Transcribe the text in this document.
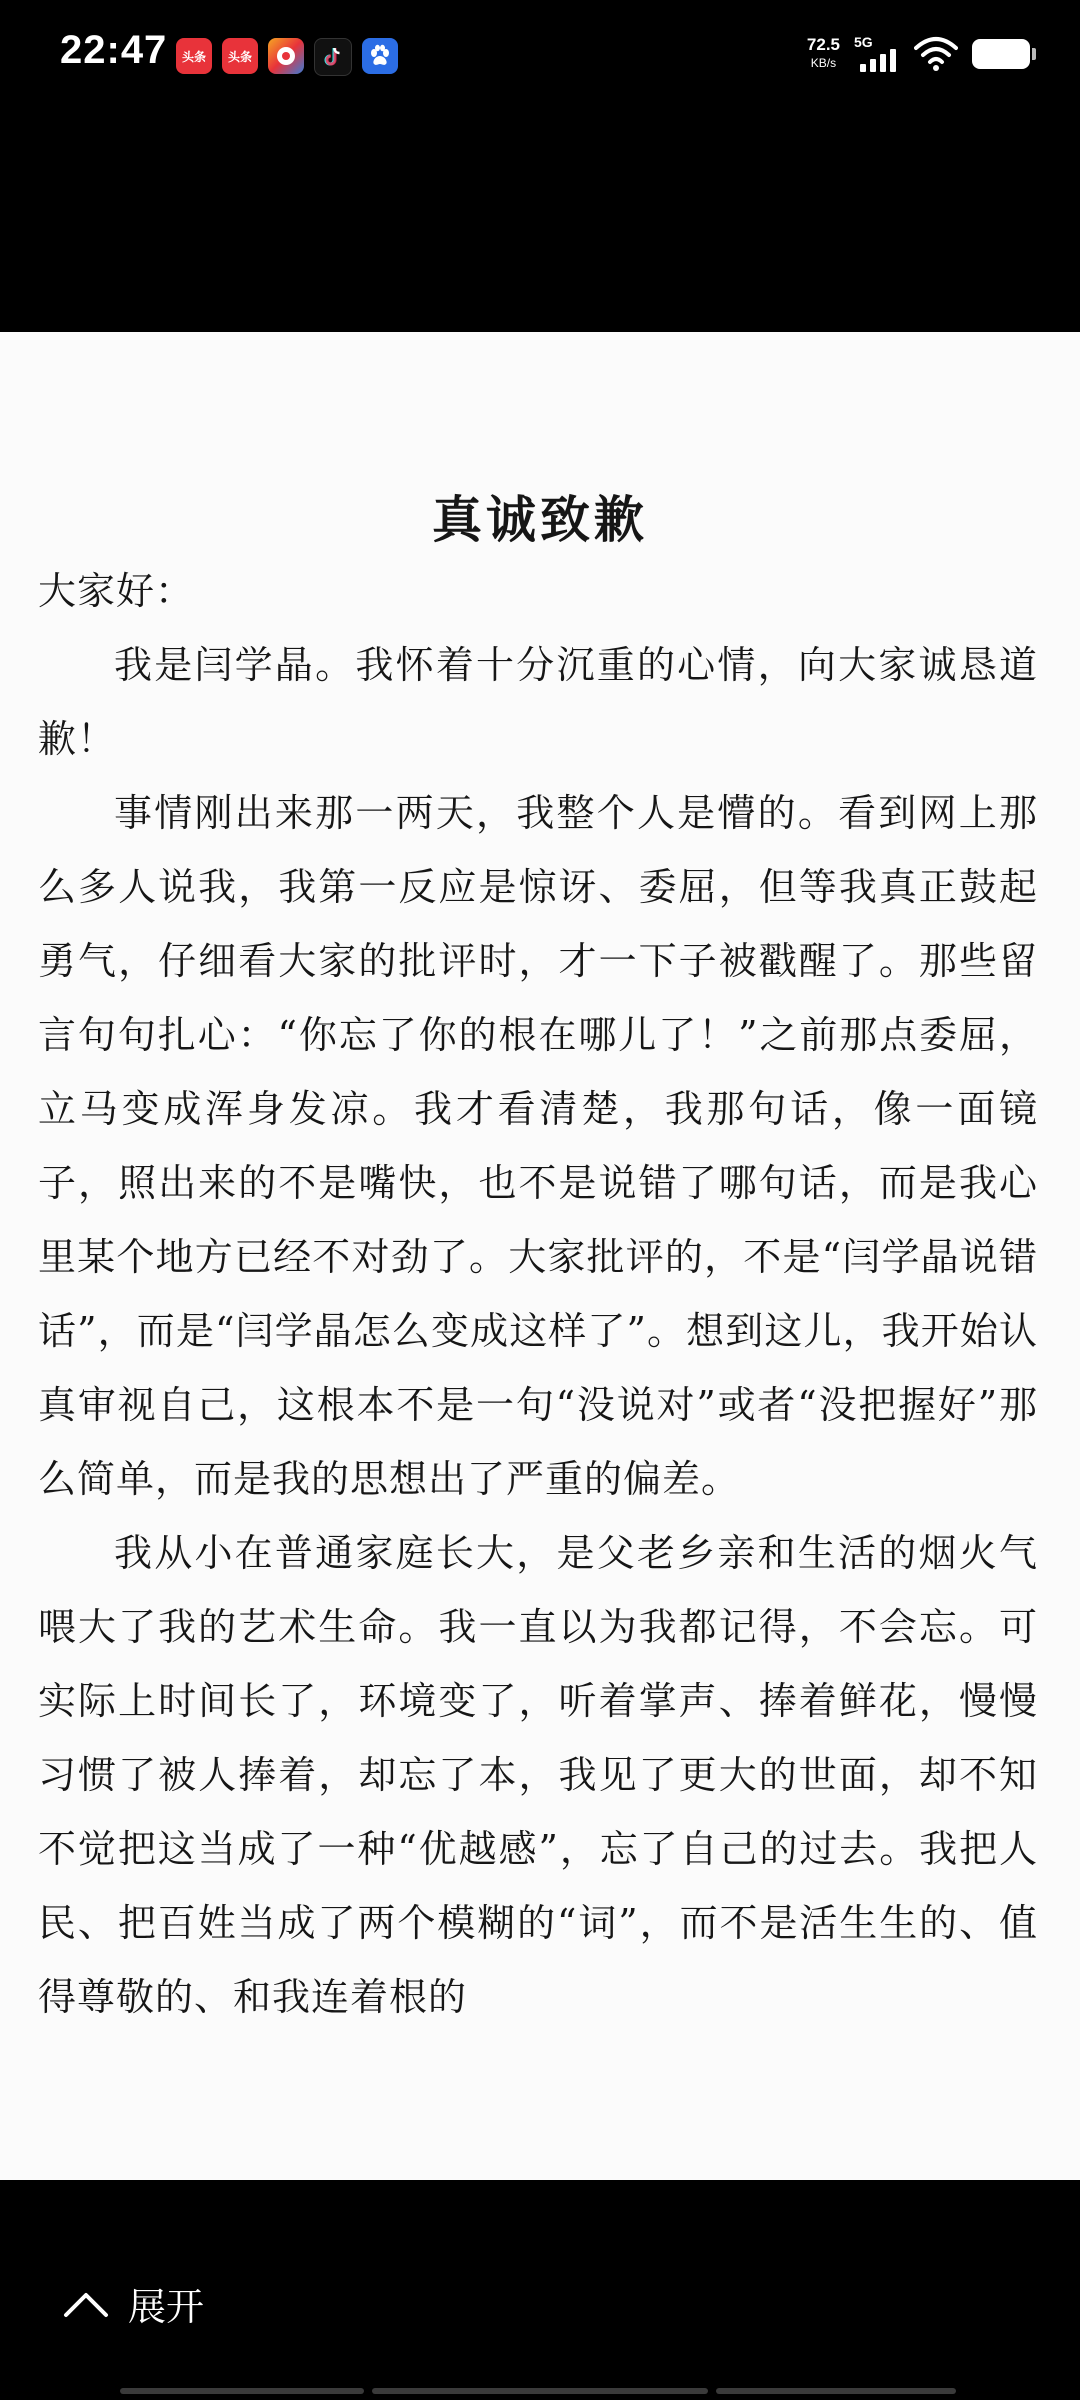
22:47	头条	头条
72.5
KB/s
5G
真诚致歉

大家好：

我是闫学晶。我怀着十分沉重的心情，向大家诚恳道歉！

事情刚出来那一两天，我整个人是懵的。看到网上那么多人说我，我第一反应是惊讶、委屈，但等我真正鼓起勇气，仔细看大家的批评时，才一下子被戳醒了。那些留言句句扎心：“你忘了你的根在哪儿了！”之前那点委屈，立马变成浑身发凉。我才看清楚，我那句话，像一面镜子，照出来的不是嘴快，也不是说错了哪句话，而是我心里某个地方已经不对劲了。大家批评的，不是“闫学晶说错话”，而是“闫学晶怎么变成这样了”。想到这儿，我开始认真审视自己，这根本不是一句“没说对”或者“没把握好”那么简单，而是我的思想出了严重的偏差。

我从小在普通家庭长大，是父老乡亲和生活的烟火气喂大了我的艺术生命。我一直以为我都记得，不会忘。可实际上时间长了，环境变了，听着掌声、捧着鲜花，慢慢习惯了被人捧着，却忘了本，我见了更大的世面，却不知不觉把这当成了一种“优越感”，忘了自己的过去。我把人民、把百姓当成了两个模糊的“词”，而不是活生生的、值得尊敬的、和我连着根的

展开
